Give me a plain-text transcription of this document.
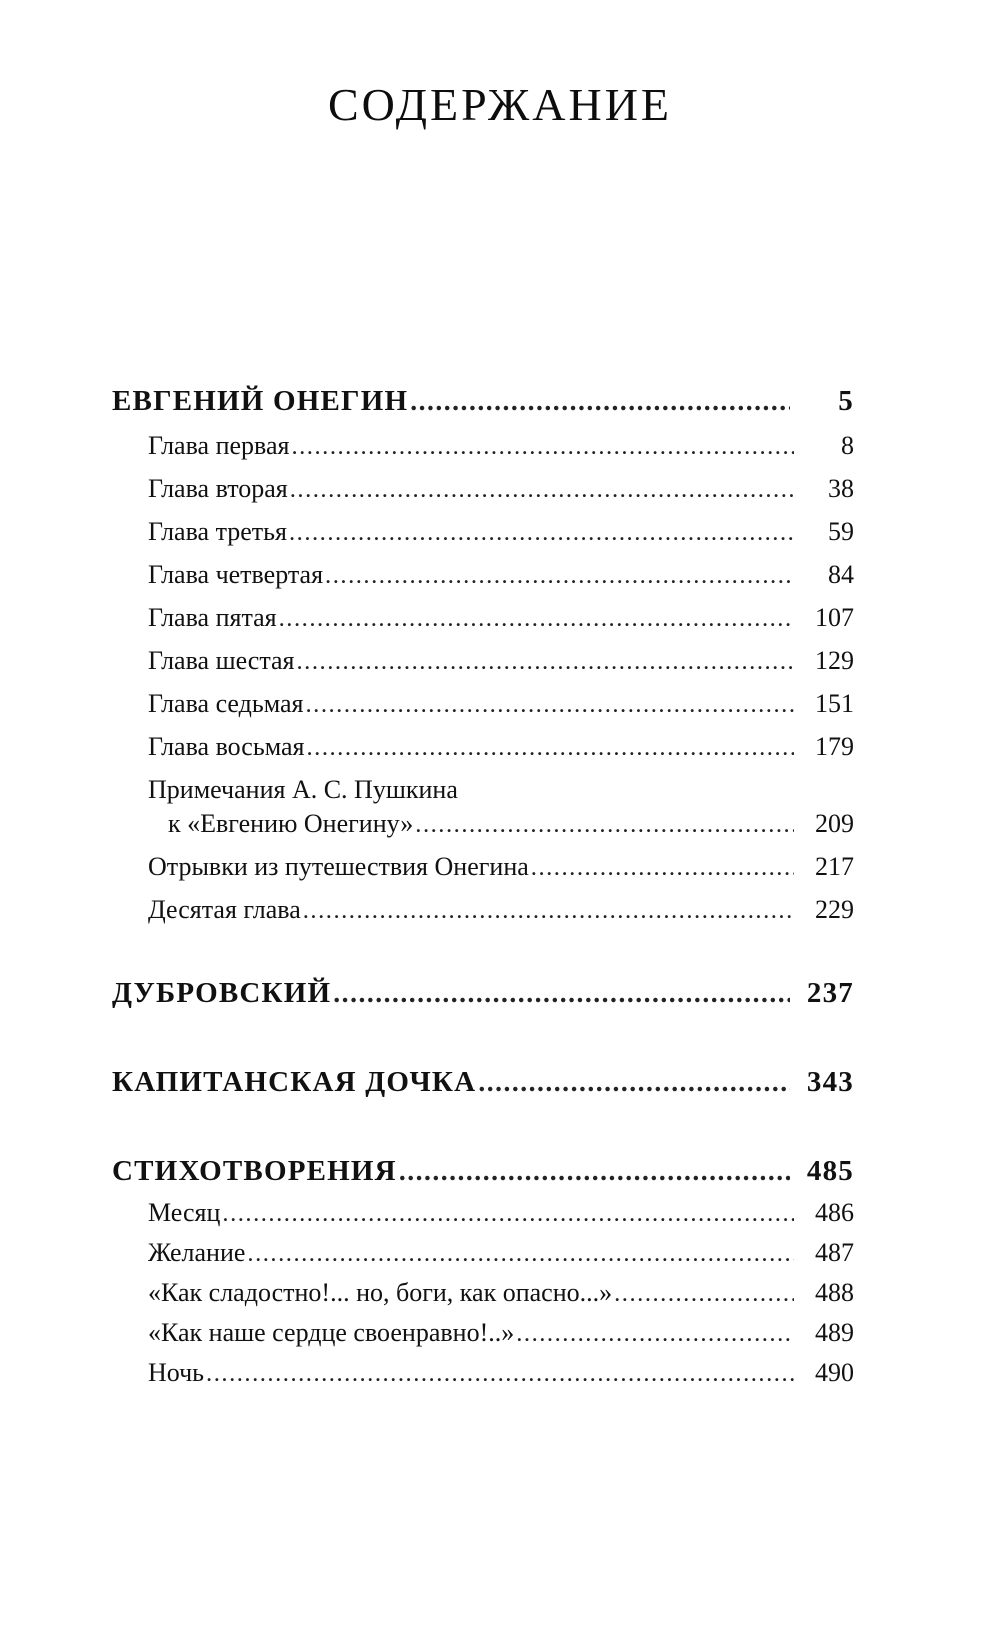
СОДЕРЖАНИЕ
ЕВГЕНИЙ ОНЕГИН .....	5
Глава первая .....	8
Глава вторая .....	38
Глава третья .....	59
Глава четвертая .....	84
Глава пятая .....	107
Глава шестая .....	129
Глава седьмая .....	151
Глава восьмая .....	179
Примечания А. С. Пушкина
к «Евгению Онегину» .....	209
Отрывки из путешествия Онегина .....	217
Десятая глава .....	229
ДУБРОВСКИЙ .....	237
КАПИТАНСКАЯ ДОЧКА .....	343
СТИХОТВОРЕНИЯ .....	485
Месяц .....	486
Желание .....	487
«Как сладостно!... но, боги, как опасно...» .....	488
«Как наше сердце своенравно!..» .....	489
Ночь .....	490
